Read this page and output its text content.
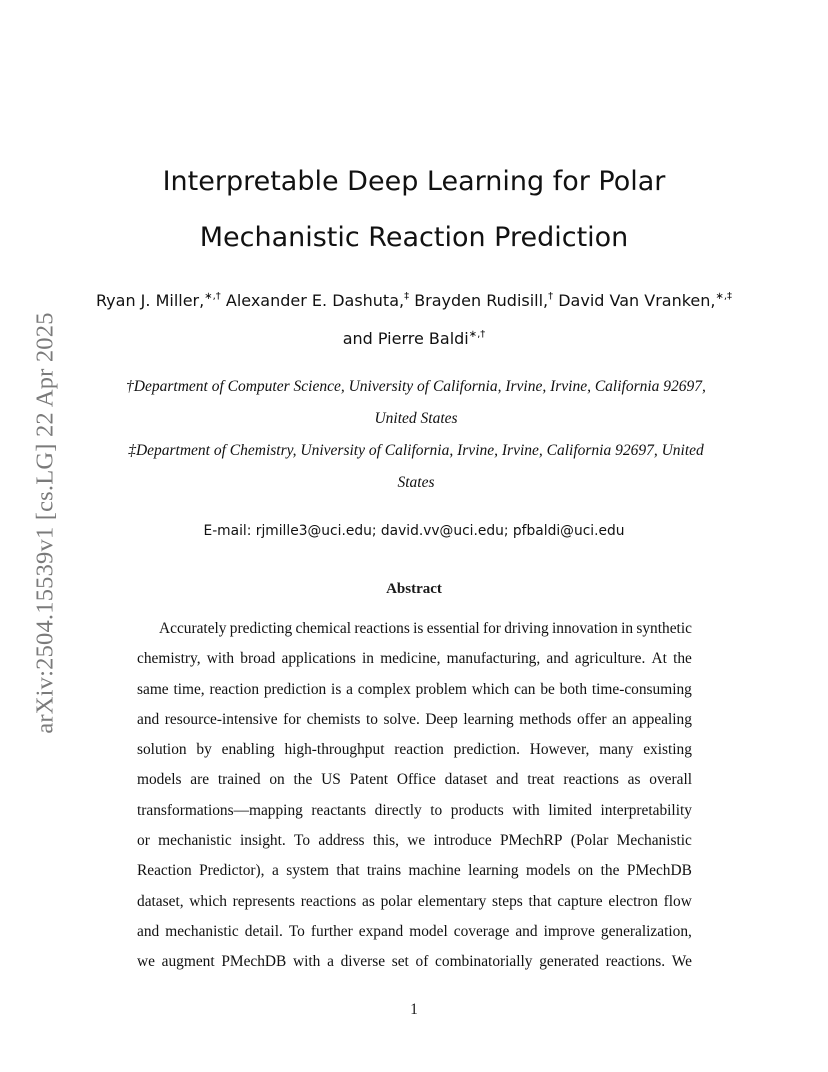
arXiv:2504.15539v1 [cs.LG] 22 Apr 2025
Interpretable Deep Learning for Polar
Mechanistic Reaction Prediction
Ryan J. Miller,∗,† Alexander E. Dashuta,‡ Brayden Rudisill,† David Van Vranken,∗,‡
and Pierre Baldi∗,†
†Department of Computer Science, University of California, Irvine, Irvine, California 92697,
United States
‡Department of Chemistry, University of California, Irvine, Irvine, California 92697, United
States
E-mail: rjmille3@uci.edu; david.vv@uci.edu; pfbaldi@uci.edu
Abstract
Accurately predicting chemical reactions is essential for driving innovation in synthetic
chemistry, with broad applications in medicine, manufacturing, and agriculture. At the
same time, reaction prediction is a complex problem which can be both time-consuming
and resource-intensive for chemists to solve. Deep learning methods offer an appealing
solution by enabling high-throughput reaction prediction. However, many existing
models are trained on the US Patent Office dataset and treat reactions as overall
transformations—mapping reactants directly to products with limited interpretability
or mechanistic insight. To address this, we introduce PMechRP (Polar Mechanistic
Reaction Predictor), a system that trains machine learning models on the PMechDB
dataset, which represents reactions as polar elementary steps that capture electron flow
and mechanistic detail. To further expand model coverage and improve generalization,
we augment PMechDB with a diverse set of combinatorially generated reactions. We
1
